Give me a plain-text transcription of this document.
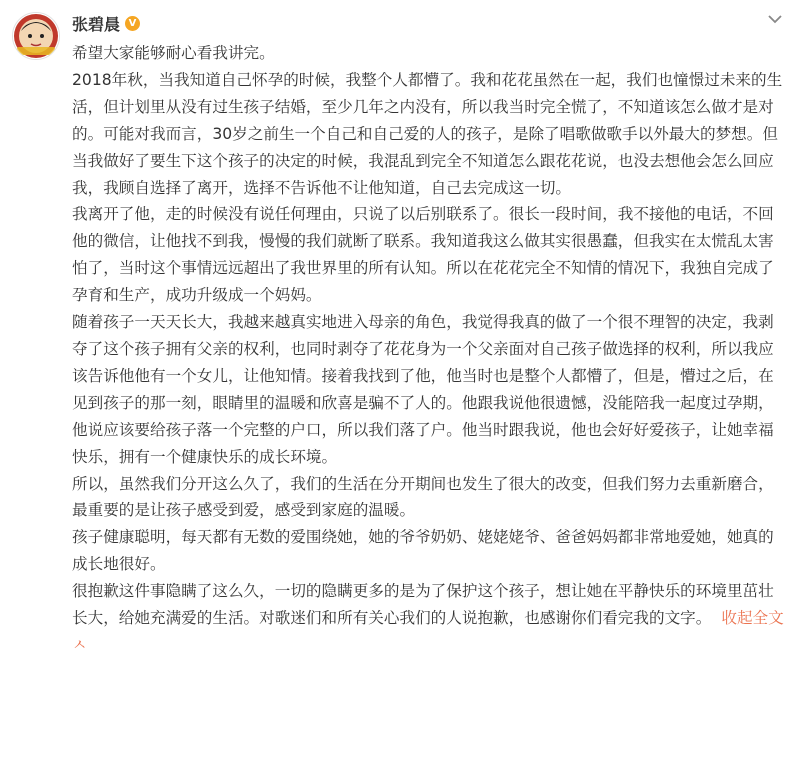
张碧晨 V

希望大家能够耐心看我讲完。

2018年秋，当我知道自己怀孕的时候，我整个人都懵了。我和花花虽然在一起，我们也憧憬过未来的生活，但计划里从没有过生孩子结婚，至少几年之内没有，所以我当时完全慌了，不知道该怎么做才是对的。可能对我而言，30岁之前生一个自己和自己爱的人的孩子，是除了唱歌做歌手以外最大的梦想。但当我做好了要生下这个孩子的决定的时候，我混乱到完全不知道怎么跟花花说，也没去想他会怎么回应我，我顾自选择了离开，选择不告诉他不让他知道，自己去完成这一切。

我离开了他，走的时候没有说任何理由，只说了以后别联系了。很长一段时间，我不接他的电话，不回他的微信，让他找不到我，慢慢的我们就断了联系。我知道我这么做其实很愚蠢，但我实在太慌乱太害怕了，当时这个事情远远超出了我世界里的所有认知。所以在花花完全不知情的情况下，我独自完成了孕育和生产，成功升级成一个妈妈。

随着孩子一天天长大，我越来越真实地进入母亲的角色，我觉得我真的做了一个很不理智的决定，我剥夺了这个孩子拥有父亲的权利，也同时剥夺了花花身为一个父亲面对自己孩子做选择的权利，所以我应该告诉他他有一个女儿，让他知情。接着我找到了他，他当时也是整个人都懵了，但是，懵过之后，在见到孩子的那一刻，眼睛里的温暖和欣喜是骗不了人的。他跟我说他很遗憾，没能陪我一起度过孕期，他说应该要给孩子落一个完整的户口，所以我们落了户。他当时跟我说，他也会好好爱孩子，让她幸福快乐，拥有一个健康快乐的成长环境。

所以，虽然我们分开这么久了，我们的生活在分开期间也发生了很大的改变，但我们努力去重新磨合，最重要的是让孩子感受到爱，感受到家庭的温暖。

孩子健康聪明，每天都有无数的爱围绕她，她的爷爷奶奶、姥姥姥爷、爸爸妈妈都非常地爱她，她真的成长地很好。

很抱歉这件事隐瞒了这么久，一切的隐瞒更多的是为了保护这个孩子，想让她在平静快乐的环境里茁壮长大，给她充满爱的生活。对歌迷们和所有关心我们的人说抱歉，也感谢你们看完我的文字。 收起全文ㅅ
